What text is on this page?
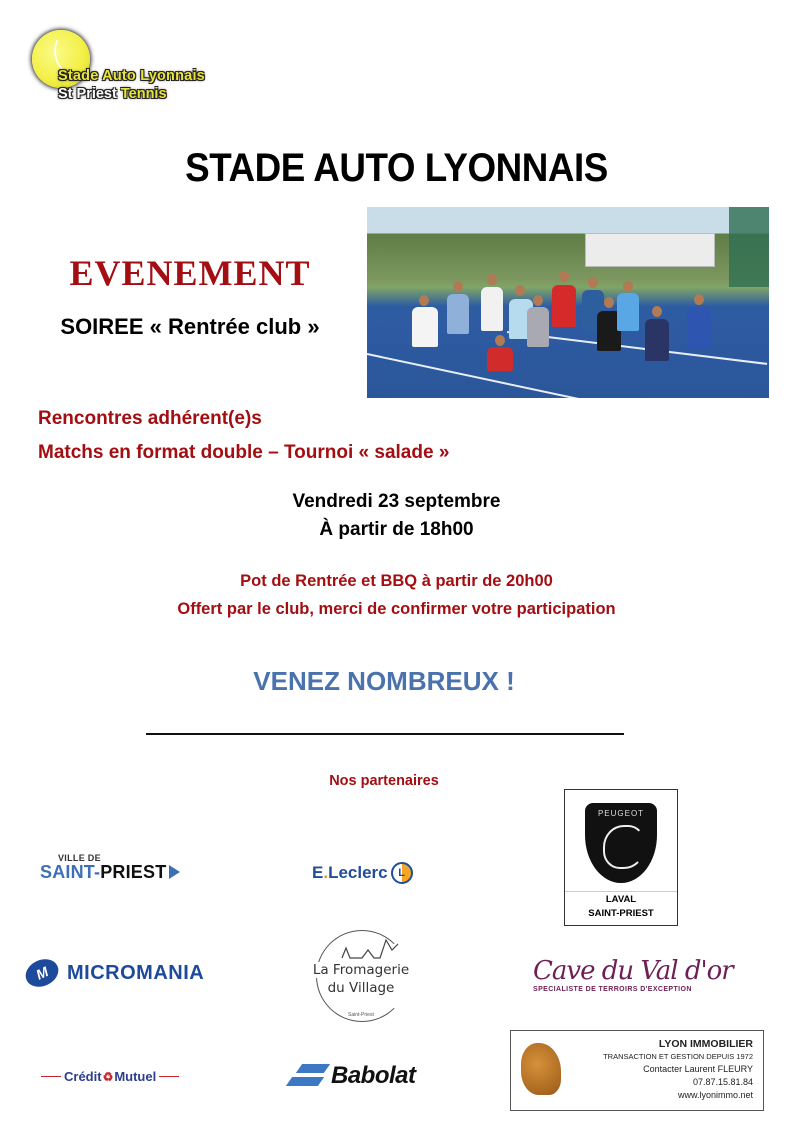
Stade Auto Lyonnais
St Priest Tennis
STADE AUTO LYONNAIS
EVENEMENT
SOIREE « Rentrée club »
Rencontres adhérent(e)s
Matchs en format double – Tournoi « salade »
Vendredi 23 septembre
À partir de 18h00
Pot de Rentrée et BBQ à partir de 20h00
Offert par le club, merci de confirmer votre participation
VENEZ NOMBREUX !
Nos partenaires
VILLE DE
SAINT-PRIEST	E . Leclerc L
PEUGEOT
LAVAL
SAINT-PRIEST
M MICROMANIA	La Fromagerie
du Village
Saint-Priest
Cave du Val d'or
SPECIALISTE DE TERROIRS D'EXCEPTION
Crédit ♻ Mutuel	Babolat
LYON IMMOBILIER
TRANSACTION ET GESTION DEPUIS 1972
Contacter Laurent FLEURY
07.87.15.81.84
www.lyonimmo.net
